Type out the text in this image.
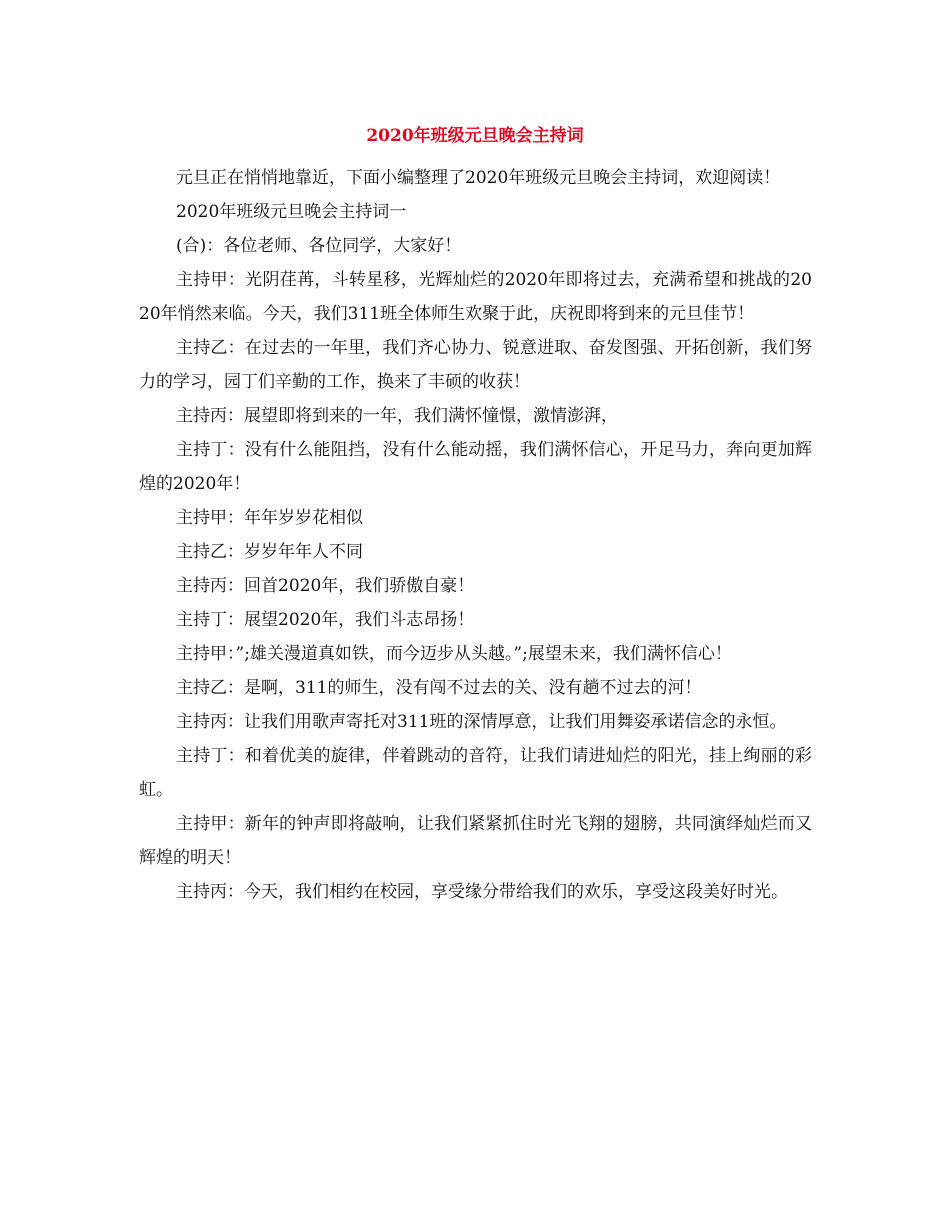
2020年班级元旦晚会主持词

元旦正在悄悄地靠近，下面小编整理了2020年班级元旦晚会主持词，欢迎阅读！

2020年班级元旦晚会主持词一

(合)：各位老师、各位同学，大家好！

主持甲：光阴荏苒，斗转星移，光辉灿烂的2020年即将过去，充满希望和挑战的2020年悄然来临。今天，我们311班全体师生欢聚于此，庆祝即将到来的元旦佳节！

主持乙：在过去的一年里，我们齐心协力、锐意进取、奋发图强、开拓创新，我们努力的学习，园丁们辛勤的工作，换来了丰硕的收获！

主持丙：展望即将到来的一年，我们满怀憧憬，激情澎湃，

主持丁：没有什么能阻挡，没有什么能动摇，我们满怀信心，开足马力，奔向更加辉煌的2020年！

主持甲：年年岁岁花相似

主持乙：岁岁年年人不同

主持丙：回首2020年，我们骄傲自豪！

主持丁：展望2020年，我们斗志昂扬！

主持甲：”;雄关漫道真如铁，而今迈步从头越。”;展望未来，我们满怀信心！

主持乙：是啊，311的师生，没有闯不过去的关、没有趟不过去的河！

主持丙：让我们用歌声寄托对311班的深情厚意，让我们用舞姿承诺信念的永恒。

主持丁：和着优美的旋律，伴着跳动的音符，让我们请进灿烂的阳光，挂上绚丽的彩虹。

主持甲：新年的钟声即将敲响，让我们紧紧抓住时光飞翔的翅膀，共同演绎灿烂而又辉煌的明天！

主持丙：今天，我们相约在校园，享受缘分带给我们的欢乐，享受这段美好时光。
